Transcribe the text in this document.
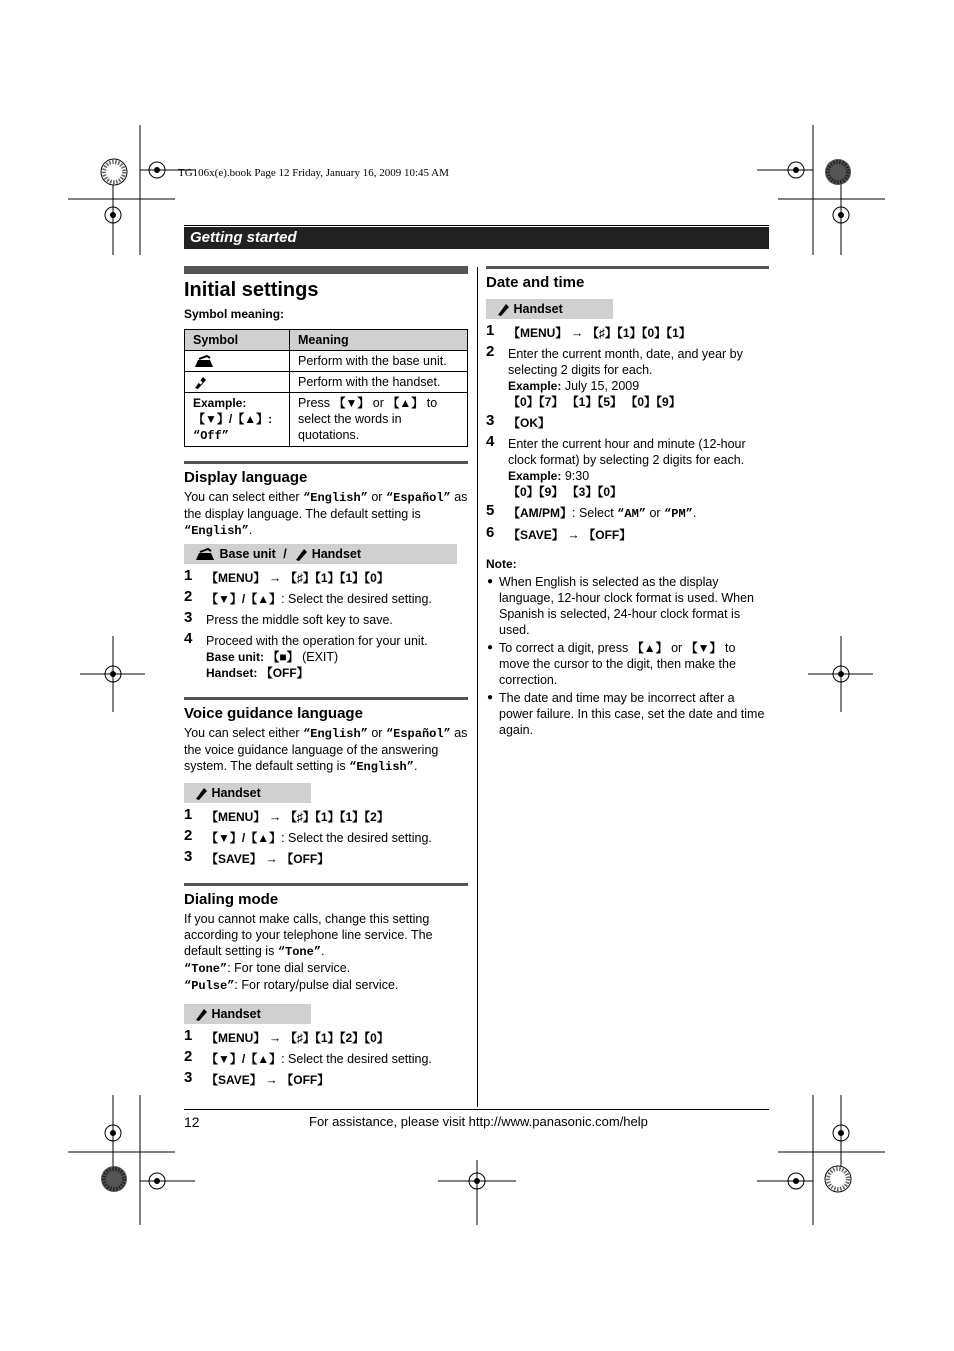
TG106x(e).book Page 12 Friday, January 16, 2009 10:45 AM
Getting started
Initial settings
Symbol meaning:
Symbol	Meaning
	Perform with the base unit.
	Perform with the handset.
Example:
【▼】/【▲】: “Off”	Press 【▼】 or 【▲】 to select the words in quotations.
Display language
You can select either “English” or “Español” as the display language. The default setting is “English”.
Base unit / Handset
1 【MENU】 → 【♯】【1】【1】【0】
2 【▼】/【▲】: Select the desired setting.
3 Press the middle soft key to save.
4 Proceed with the operation for your unit.
Base unit: 【■】 (EXIT)
Handset: 【OFF】
Voice guidance language
You can select either “English” or “Español” as the voice guidance language of the answering system. The default setting is “English”.
Handset
1 【MENU】 → 【♯】【1】【1】【2】
2 【▼】/【▲】: Select the desired setting.
3 【SAVE】 → 【OFF】
Dialing mode
If you cannot make calls, change this setting according to your telephone line service. The default setting is “Tone”.
“Tone”: For tone dial service.
“Pulse”: For rotary/pulse dial service.
Handset
1 【MENU】 → 【♯】【1】【2】【0】
2 【▼】/【▲】: Select the desired setting.
3 【SAVE】 → 【OFF】
Date and time
Handset
1 【MENU】 → 【♯】【1】【0】【1】
2 Enter the current month, date, and year by selecting 2 digits for each.
Example: July 15, 2009
【0】【7】 【1】【5】 【0】【9】
3 【OK】
4 Enter the current hour and minute (12-hour clock format) by selecting 2 digits for each.
Example: 9:30
【0】【9】 【3】【0】
5 【AM/PM】: Select “AM” or “PM”.
6 【SAVE】 → 【OFF】
Note:
● When English is selected as the display language, 12-hour clock format is used. When Spanish is selected, 24-hour clock format is used.
● To correct a digit, press 【▲】 or 【▼】 to move the cursor to the digit, then make the correction.
● The date and time may be incorrect after a power failure. In this case, set the date and time again.
12	For assistance, please visit http://www.panasonic.com/help
